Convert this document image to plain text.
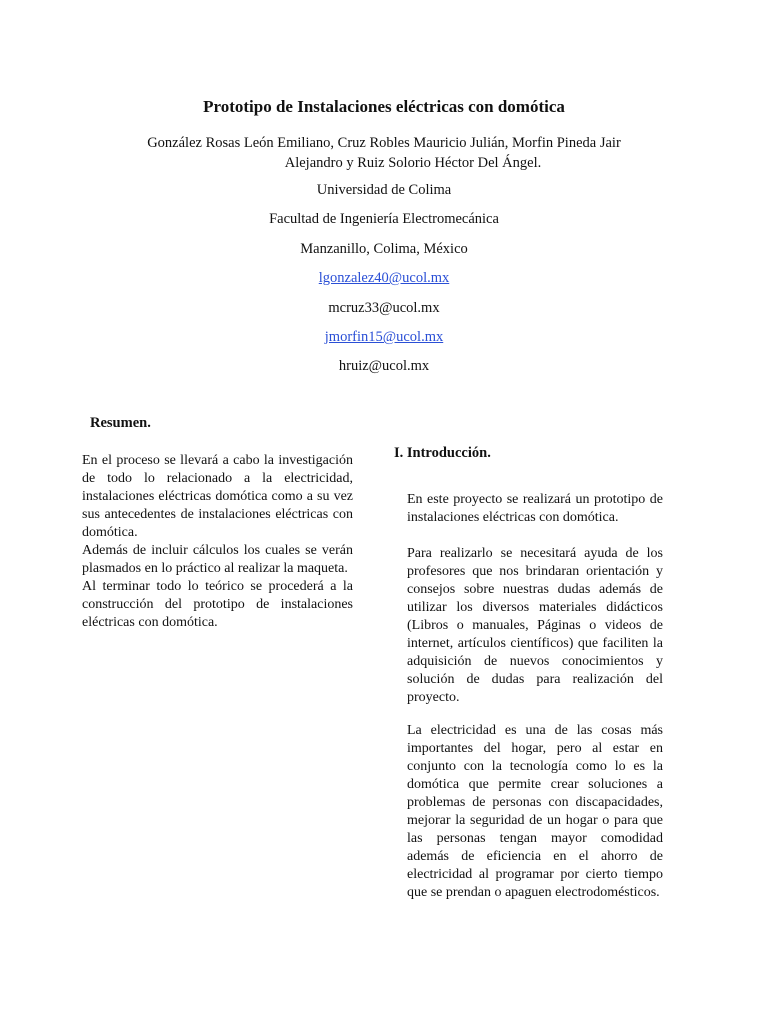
Prototipo de Instalaciones eléctricas con domótica
González Rosas León Emiliano, Cruz Robles Mauricio Julián, Morfin Pineda Jair
Alejandro y Ruiz Solorio Héctor Del Ángel.
Universidad de Colima
Facultad de Ingeniería Electromecánica
Manzanillo, Colima, México
lgonzalez40@ucol.mx
mcruz33@ucol.mx
jmorfin15@ucol.mx
hruiz@ucol.mx
Resumen.

En el proceso se llevará a cabo la investigación de todo lo relacionado a la electricidad, instalaciones eléctricas domótica como a su vez sus antecedentes de instalaciones eléctricas con domótica.

Además de incluir cálculos los cuales se verán plasmados en lo práctico al realizar la maqueta.

Al terminar todo lo teórico se procederá a la construcción del prototipo de instalaciones eléctricas con domótica.

I. Introducción.

En este proyecto se realizará un prototipo de instalaciones eléctricas con domótica.

Para realizarlo se necesitará ayuda de los profesores que nos brindaran orientación y consejos sobre nuestras dudas además de utilizar los diversos materiales didácticos (Libros o manuales, Páginas o videos de internet, artículos científicos) que faciliten la adquisición de nuevos conocimientos y solución de dudas para realización del proyecto.

La electricidad es una de las cosas más importantes del hogar, pero al estar en conjunto con la tecnología como lo es la domótica que permite crear soluciones a problemas de personas con discapacidades, mejorar la seguridad de un hogar o para que las personas tengan mayor comodidad además de eficiencia en el ahorro de electricidad al programar por cierto tiempo que se prendan o apaguen electrodomésticos.
